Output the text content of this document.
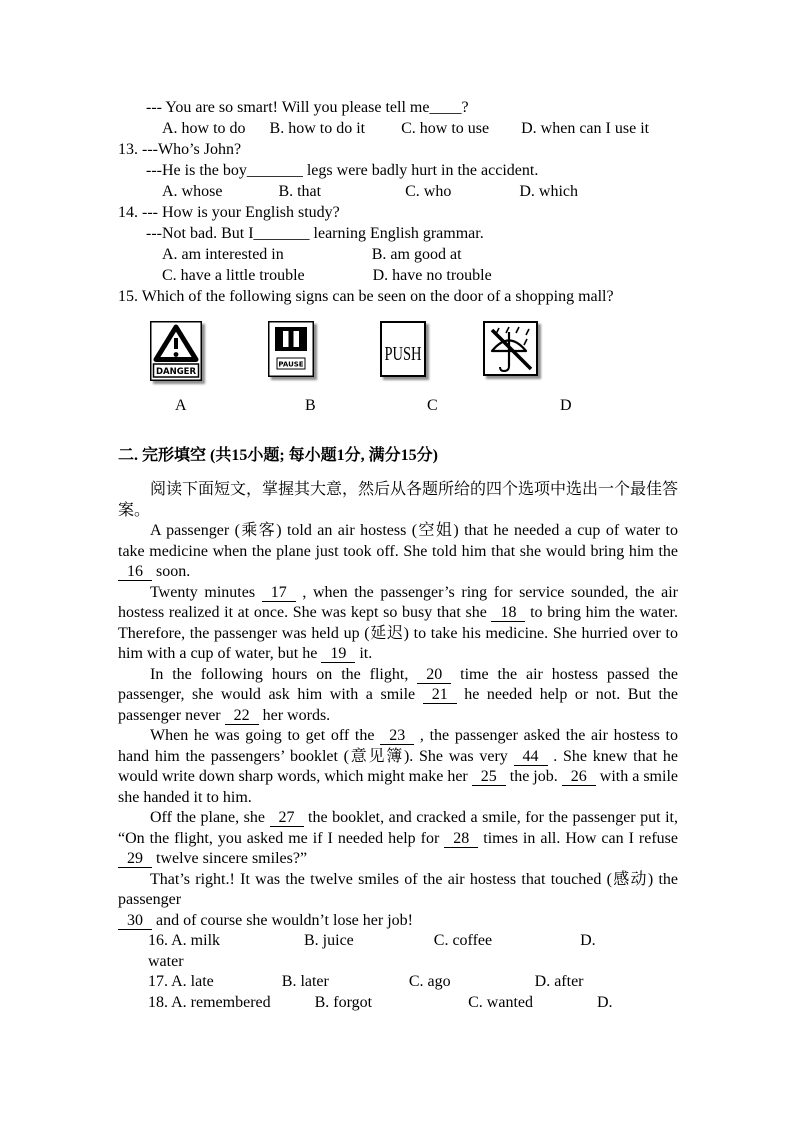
--- You are so smart! Will you please tell me____?
A. how to do      B. how to do it         C. how to use        D. when can I use it
13. ---Who’s John?
---He is the boy_______ legs were badly hurt in the accident.
A. whose              B. that                     C. who                 D. which
14. --- How is your English study?
---Not bad. But I_______ learning English grammar.
A. am interested in                      B. am good at
C. have a little trouble                 D. have no trouble
15. Which of the following signs can be seen on the door of a shopping mall?
DANGER
PAUSE	PUSH
A	B	C	D
二. 完形填空 (共15小题; 每小题1分, 满分15分)
阅读下面短文，掌握其大意，然后从各题所给的四个选项中选出一个最佳答案。

A passenger (乘客) told an air hostess (空姐) that he needed a cup of water to take medicine when the plane just took off. She told him that she would bring him the 16 soon.

Twenty minutes 17 , when the passenger’s ring for service sounded, the air hostess realized it at once. She was kept so busy that she 18 to bring him the water. Therefore, the passenger was held up (延迟) to take his medicine. She hurried over to him with a cup of water, but he 19 it.

In the following hours on the flight, 20 time the air hostess passed the passenger, she would ask him with a smile 21 he needed help or not. But the passenger never 22 her words.

When he was going to get off the 23 , the passenger asked the air hostess to hand him the passengers’ booklet (意见簿). She was very 44 . She knew that he would write down sharp words, which might make her 25 the job. 26 with a smile she handed it to him.

Off the plane, she 27 the booklet, and cracked a smile, for the passenger put it, “On the flight, you asked me if I needed help for 28 times in all. How can I refuse 29 twelve sincere smiles?”

That’s right.! It was the twelve smiles of the air hostess that touched (感动) the passenger

30 and of course she wouldn’t lose her job!

16. A. milk                     B. juice                    C. coffee                      D.
water
17. A. late                 B. later                    C. ago                     D. after
18. A. remembered           B. forgot                        C. wanted                D.
